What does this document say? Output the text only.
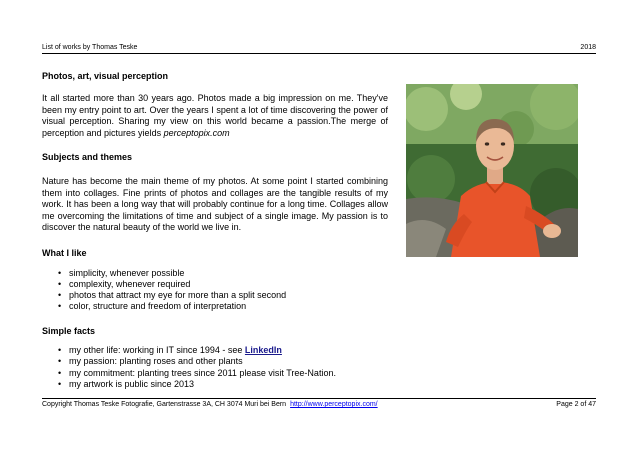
List of works by Thomas Teske	2018
Photos, art, visual perception

It all started more than 30 years ago. Photos made a big impression on me. They've been my entry point to art. Over the years I spent a lot of time discovering the power of visual perception. Sharing my view on this world became a passion.The merge of perception and pictures yields perceptopix.com

Subjects and themes

Nature has become the main theme of my photos. At some point I started combining them into collages. Fine prints of photos and collages are the tangible results of my work. It has been a long way that will probably continue for a long time. Collages allow me overcoming the limitations of time and subject of a single image. My passion is to discover the natural beauty of the world we live in.

What I like
• simplicity, whenever possible
• complexity, whenever required
• photos that attract my eye for more than a split second
• color, structure and freedom of interpretation
Simple facts
• my other life: working in IT since 1994 - see LinkedIn
• my passion: planting roses and other plants
• my commitment: planting trees since 2011 please visit Tree-Nation.
• my artwork is public since 2013
Copyright Thomas Teske Fotografie, Gartenstrasse 3A, CH 3074 Muri bei Bern http://www.perceptopix.com/	Page 2 of 47
